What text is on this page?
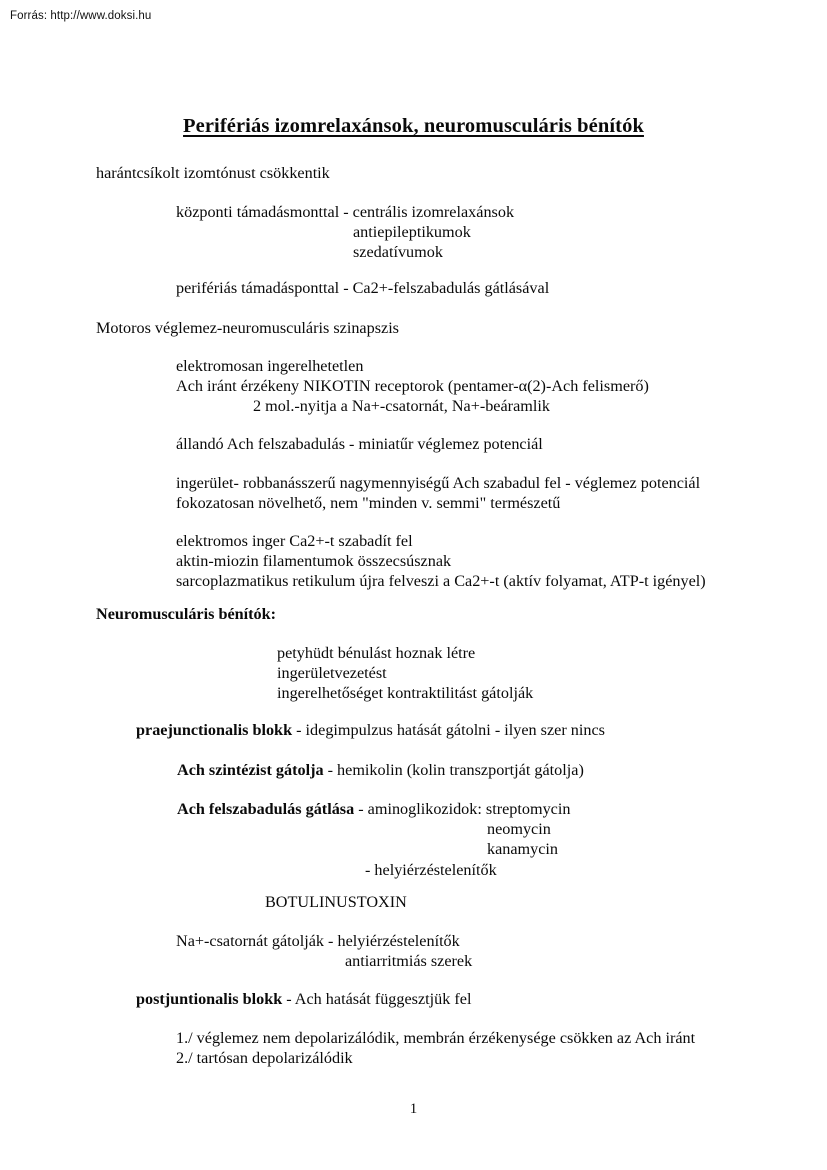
Forrás: http://www.doksi.hu
Perifériás izomrelaxánsok, neuromusculáris bénítók
harántcsíkolt izomtónust csökkentik
központi támadásmonttal - centrális izomrelaxánsok
antiepileptikumok
szedatívumok
perifériás támadásponttal - Ca2+-felszabadulás gátlásával
Motoros véglemez-neuromusculáris szinapszis
elektromosan ingerelhetetlen
Ach iránt érzékeny NIKOTIN receptorok (pentamer-α(2)-Ach felismerő)
2 mol.-nyitja a Na+-csatornát, Na+-beáramlik
állandó Ach felszabadulás - miniatűr véglemez potenciál
ingerület- robbanásszerű nagymennyiségű Ach szabadul fel - véglemez potenciál
fokozatosan növelhető, nem "minden v. semmi" természetű
elektromos inger Ca2+-t szabadít fel
aktin-miozin filamentumok összecsúsznak
sarcoplazmatikus retikulum újra felveszi a Ca2+-t (aktív folyamat, ATP-t igényel)
Neuromusculáris bénítók:
petyhüdt bénulást hoznak létre
ingerületvezetést
ingerelhetőséget kontraktilitást gátolják
praejunctionalis blokk - idegimpulzus hatását gátolni - ilyen szer nincs
Ach szintézist gátolja - hemikolin (kolin transzportját gátolja)
Ach felszabadulás gátlása - aminoglikozidok: streptomycin
neomycin
kanamycin
- helyiérzéstelenítők
BOTULINUSTOXIN
Na+-csatornát gátolják - helyiérzéstelenítők
antiarritmiás szerek
postjuntionalis blokk - Ach hatását függesztjük fel
1./ véglemez nem depolarizálódik, membrán érzékenysége csökken az Ach iránt
2./ tartósan depolarizálódik
1
